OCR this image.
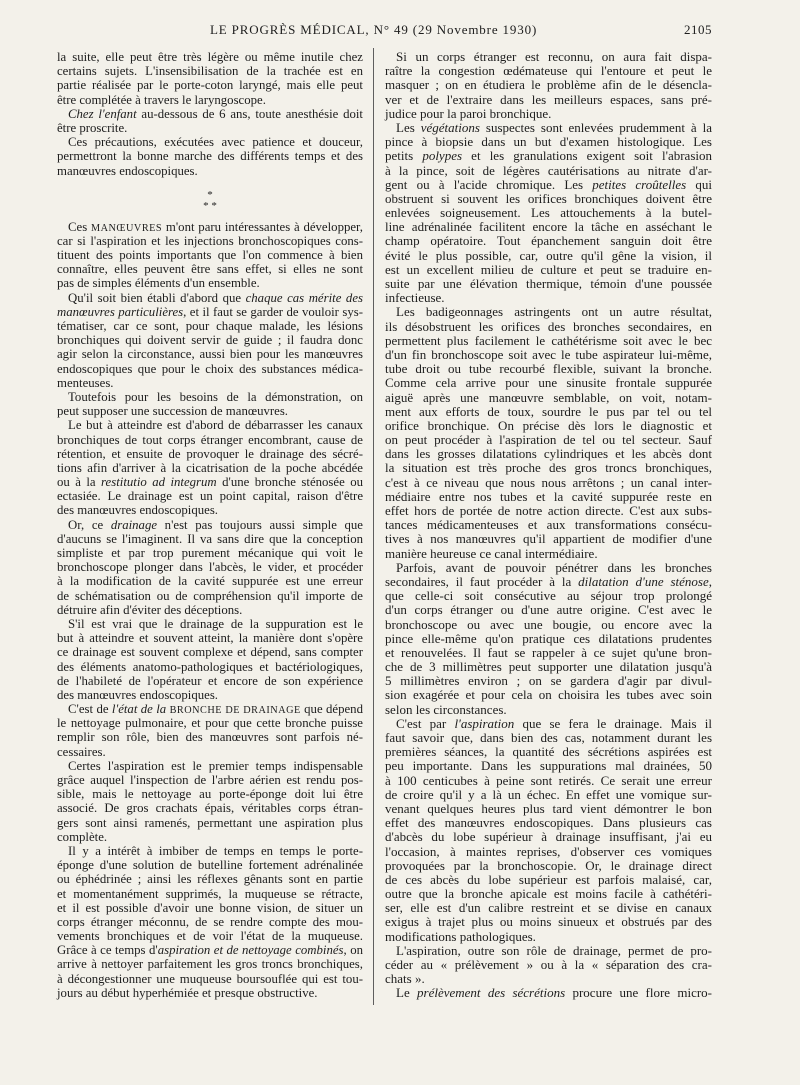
LE PROGRÈS MÉDICAL, N° 49 (29 Novembre 1930)	2105
la suite, elle peut être très légère ou même inutile chez
certains sujets. L'insensibilisation de la trachée est en
partie réalisée par le porte-coton laryngé, mais elle peut
être complétée à travers le laryngoscope.
Chez l'enfant au-dessous de 6 ans, toute anesthésie doit
être proscrite.
Ces précautions, exécutées avec patience et douceur,
permettront la bonne marche des différents temps et des
manœuvres endoscopiques.
*
* *
Ces MANŒUVRES m'ont paru intéressantes à développer,
car si l'aspiration et les injections bronchoscopiques cons-
tituent des points importants que l'on commence à bien
connaître, elles peuvent être sans effet, si elles ne sont
pas de simples éléments d'un ensemble.
Qu'il soit bien établi d'abord que chaque cas mérite des
manœuvres particulières, et il faut se garder de vouloir sys-
tématiser, car ce sont, pour chaque malade, les lésions
bronchiques qui doivent servir de guide ; il faudra donc
agir selon la circonstance, aussi bien pour les manœuvres
endoscopiques que pour le choix des substances médica-
menteuses.
Toutefois pour les besoins de la démonstration, on
peut supposer une succession de manœuvres.
Le but à atteindre est d'abord de débarrasser les canaux
bronchiques de tout corps étranger encombrant, cause de
rétention, et ensuite de provoquer le drainage des sécré-
tions afin d'arriver à la cicatrisation de la poche abcédée
ou à la restitutio ad integrum d'une bronche sténosée ou
ectasiée. Le drainage est un point capital, raison d'être
des manœuvres endoscopiques.
Or, ce drainage n'est pas toujours aussi simple que
d'aucuns se l'imaginent. Il va sans dire que la conception
simpliste et par trop purement mécanique qui voit le
bronchoscope plonger dans l'abcès, le vider, et procéder
à la modification de la cavité suppurée est une erreur
de schématisation ou de compréhension qu'il importe de
détruire afin d'éviter des déceptions.
S'il est vrai que le drainage de la suppuration est le
but à atteindre et souvent atteint, la manière dont s'opère
ce drainage est souvent complexe et dépend, sans compter
des éléments anatomo-pathologiques et bactériologiques,
de l'habileté de l'opérateur et encore de son expérience
des manœuvres endoscopiques.
C'est de l'état de la BRONCHE DE DRAINAGE que dépend
le nettoyage pulmonaire, et pour que cette bronche puisse
remplir son rôle, bien des manœuvres sont parfois né-
cessaires.
Certes l'aspiration est le premier temps indispensable
grâce auquel l'inspection de l'arbre aérien est rendu pos-
sible, mais le nettoyage au porte-éponge doit lui être
associé. De gros crachats épais, véritables corps étran-
gers sont ainsi ramenés, permettant une aspiration plus
complète.
Il y a intérêt à imbiber de temps en temps le porte-
éponge d'une solution de butelline fortement adrénalinée
ou éphédrinée ; ainsi les réflexes gênants sont en partie
et momentanément supprimés, la muqueuse se rétracte,
et il est possible d'avoir une bonne vision, de situer un
corps étranger méconnu, de se rendre compte des mou-
vements bronchiques et de voir l'état de la muqueuse.
Grâce à ce temps d'aspiration et de nettoyage combinés, on
arrive à nettoyer parfaitement les gros troncs bronchiques,
à décongestionner une muqueuse boursouflée qui est tou-
jours au début hyperhémiée et presque obstructive.
Si un corps étranger est reconnu, on aura fait dispa-
raître la congestion œdémateuse qui l'entoure et peut le
masquer ; on en étudiera le problème afin de le désencla-
ver et de l'extraire dans les meilleurs espaces, sans pré-
judice pour la paroi bronchique.
Les végétations suspectes sont enlevées prudemment à la
pince à biopsie dans un but d'examen histologique. Les
petits polypes et les granulations exigent soit l'abrasion
à la pince, soit de légères cautérisations au nitrate d'ar-
gent ou à l'acide chromique. Les petites croûtelles qui
obstruent si souvent les orifices bronchiques doivent être
enlevées soigneusement. Les attouchements à la butel-
line adrénalinée facilitent encore la tâche en asséchant le
champ opératoire. Tout épanchement sanguin doit être
évité le plus possible, car, outre qu'il gêne la vision, il
est un excellent milieu de culture et peut se traduire en-
suite par une élévation thermique, témoin d'une poussée
infectieuse.
Les badigeonnages astringents ont un autre résultat,
ils désobstruent les orifices des bronches secondaires, en
permettent plus facilement le cathétérisme soit avec le bec
d'un fin bronchoscope soit avec le tube aspirateur lui-même,
tube droit ou tube recourbé flexible, suivant la bronche.
Comme cela arrive pour une sinusite frontale suppurée
aiguë après une manœuvre semblable, on voit, notam-
ment aux efforts de toux, sourdre le pus par tel ou tel
orifice bronchique. On précise dès lors le diagnostic et
on peut procéder à l'aspiration de tel ou tel secteur. Sauf
dans les grosses dilatations cylindriques et les abcès dont
la situation est très proche des gros troncs bronchiques,
c'est à ce niveau que nous nous arrêtons ; un canal inter-
médiaire entre nos tubes et la cavité suppurée reste en
effet hors de portée de notre action directe. C'est aux subs-
tances médicamenteuses et aux transformations consécu-
tives à nos manœuvres qu'il appartient de modifier d'une
manière heureuse ce canal intermédiaire.
Parfois, avant de pouvoir pénétrer dans les bronches
secondaires, il faut procéder à la dilatation d'une sténose,
que celle-ci soit consécutive au séjour trop prolongé
d'un corps étranger ou d'une autre origine. C'est avec le
bronchoscope ou avec une bougie, ou encore avec la
pince elle-même qu'on pratique ces dilatations prudentes
et renouvelées. Il faut se rappeler à ce sujet qu'une bron-
che de 3 millimètres peut supporter une dilatation jusqu'à
5 millimètres environ ; on se gardera d'agir par divul-
sion exagérée et pour cela on choisira les tubes avec soin
selon les circonstances.
C'est par l'aspiration que se fera le drainage. Mais il
faut savoir que, dans bien des cas, notamment durant les
premières séances, la quantité des sécrétions aspirées est
peu importante. Dans les suppurations mal drainées, 50
à 100 centicubes à peine sont retirés. Ce serait une erreur
de croire qu'il y a là un échec. En effet une vomique sur-
venant quelques heures plus tard vient démontrer le bon
effet des manœuvres endoscopiques. Dans plusieurs cas
d'abcès du lobe supérieur à drainage insuffisant, j'ai eu
l'occasion, à maintes reprises, d'observer ces vomiques
provoquées par la bronchoscopie. Or, le drainage direct
de ces abcès du lobe supérieur est parfois malaisé, car,
outre que la bronche apicale est moins facile à cathétéri-
ser, elle est d'un calibre restreint et se divise en canaux
exigus à trajet plus ou moins sinueux et obstrués par des
modifications pathologiques.
L'aspiration, outre son rôle de drainage, permet de pro-
céder au « prélèvement » ou à la « séparation des cra-
chats ».
Le prélèvement des sécrétions procure une flore micro-
